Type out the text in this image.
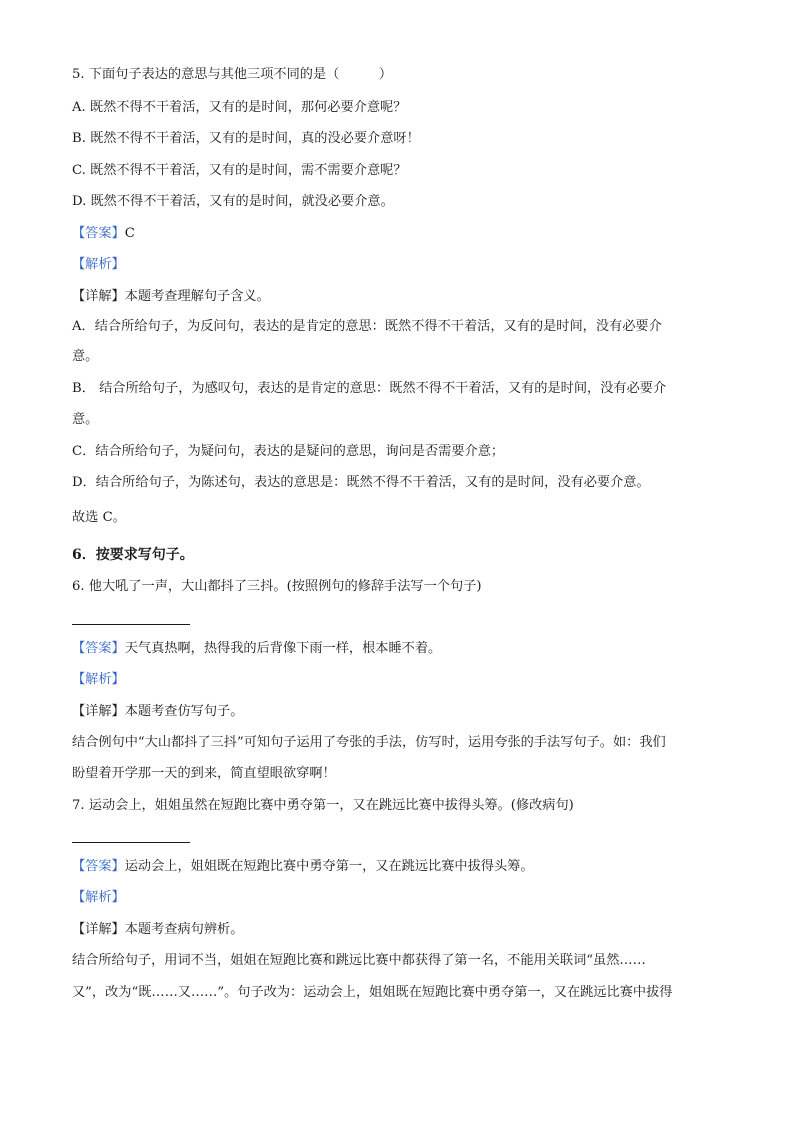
5. 下面句子表达的意思与其他三项不同的是（　　　）
A. 既然不得不干着活，又有的是时间，那何必要介意呢？
B. 既然不得不干着活，又有的是时间，真的没必要介意呀！
C. 既然不得不干着活，又有的是时间，需不需要介意呢？
D. 既然不得不干着活，又有的是时间，就没必要介意。
【答案】C
【解析】
【详解】本题考查理解句子含义。
A．结合所给句子，为反问句，表达的是肯定的意思：既然不得不干着活，又有的是时间，没有必要介
意。
B． 结合所给句子，为感叹句，表达的是肯定的意思：既然不得不干着活，又有的是时间，没有必要介
意。
C．结合所给句子，为疑问句，表达的是疑问的意思，询问是否需要介意；
D．结合所给句子，为陈述句，表达的意思是：既然不得不干着活，又有的是时间，没有必要介意。
故选 C。
6．按要求写句子。
6. 他大吼了一声，大山都抖了三抖。(按照例句的修辞手法写一个句子)
【答案】天气真热啊，热得我的后背像下雨一样，根本睡不着。
【解析】
【详解】本题考查仿写句子。
结合例句中“大山都抖了三抖”可知句子运用了夸张的手法，仿写时，运用夸张的手法写句子。如：我们
盼望着开学那一天的到来，简直望眼欲穿啊！
7. 运动会上，姐姐虽然在短跑比赛中勇夺第一，又在跳远比赛中拔得头筹。(修改病句)
【答案】运动会上，姐姐既在短跑比赛中勇夺第一，又在跳远比赛中拔得头筹。
【解析】
【详解】本题考查病句辨析。
结合所给句子，用词不当，姐姐在短跑比赛和跳远比赛中都获得了第一名，不能用关联词“虽然……
又”，改为“既……又……”。句子改为：运动会上，姐姐既在短跑比赛中勇夺第一，又在跳远比赛中拔得
